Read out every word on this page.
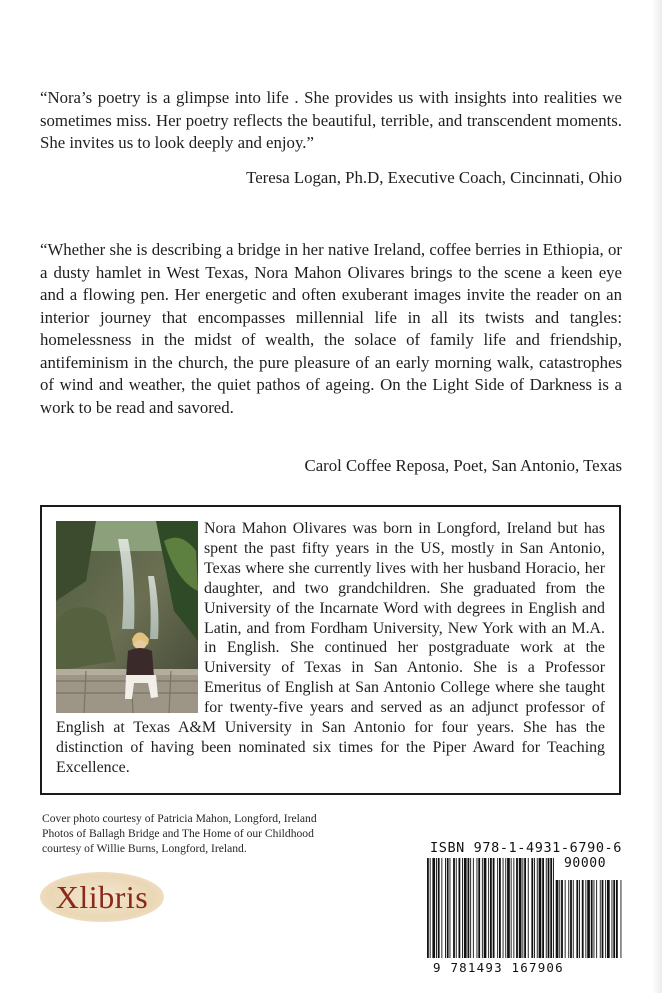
“Nora’s poetry is a glimpse into life . She provides us with insights into realities we sometimes miss. Her poetry reflects the beautiful, terrible, and transcendent moments. She invites us to look deeply and enjoy.”

Teresa Logan, Ph.D, Executive Coach, Cincinnati, Ohio

“Whether she is describing a bridge in her native Ireland, coffee berries in Ethiopia, or a dusty hamlet in West Texas, Nora Mahon Olivares brings to the scene a keen eye and a flowing pen. Her energetic and often exuberant images invite the reader on an interior journey that encompasses millennial life in all its twists and tangles: homelessness in the midst of wealth, the solace of family life and friendship, antifeminism in the church, the pure pleasure of an early morning walk, catastrophes of wind and weather, the quiet pathos of ageing. On the Light Side of Darkness is a work to be read and savored.

Carol Coffee Reposa, Poet, San Antonio, Texas

Nora Mahon Olivares was born in Longford, Ireland but has spent the past fifty years in the US, mostly in San Antonio, Texas where she currently lives with her husband Horacio, her daughter, and two grandchildren. She graduated from the University of the Incarnate Word with degrees in English and Latin, and from Fordham University, New York with an M.A. in English. She continued her postgraduate work at the University of Texas in San Antonio. She is a Professor Emeritus of English at San Antonio College where she taught for twenty-five years and served as an adjunct professor of English at Texas A&M University in San Antonio for four years. She has the distinction of having been nominated six times for the Piper Award for Teaching Excellence.

Cover photo courtesy of Patricia Mahon, Longford, Ireland
Photos of Ballagh Bridge and The Home of our Childhood
courtesy of Willie Burns, Longford, Ireland.

Xlibris

ISBN 978-1-4931-6790-6

90000

9 781493 167906
